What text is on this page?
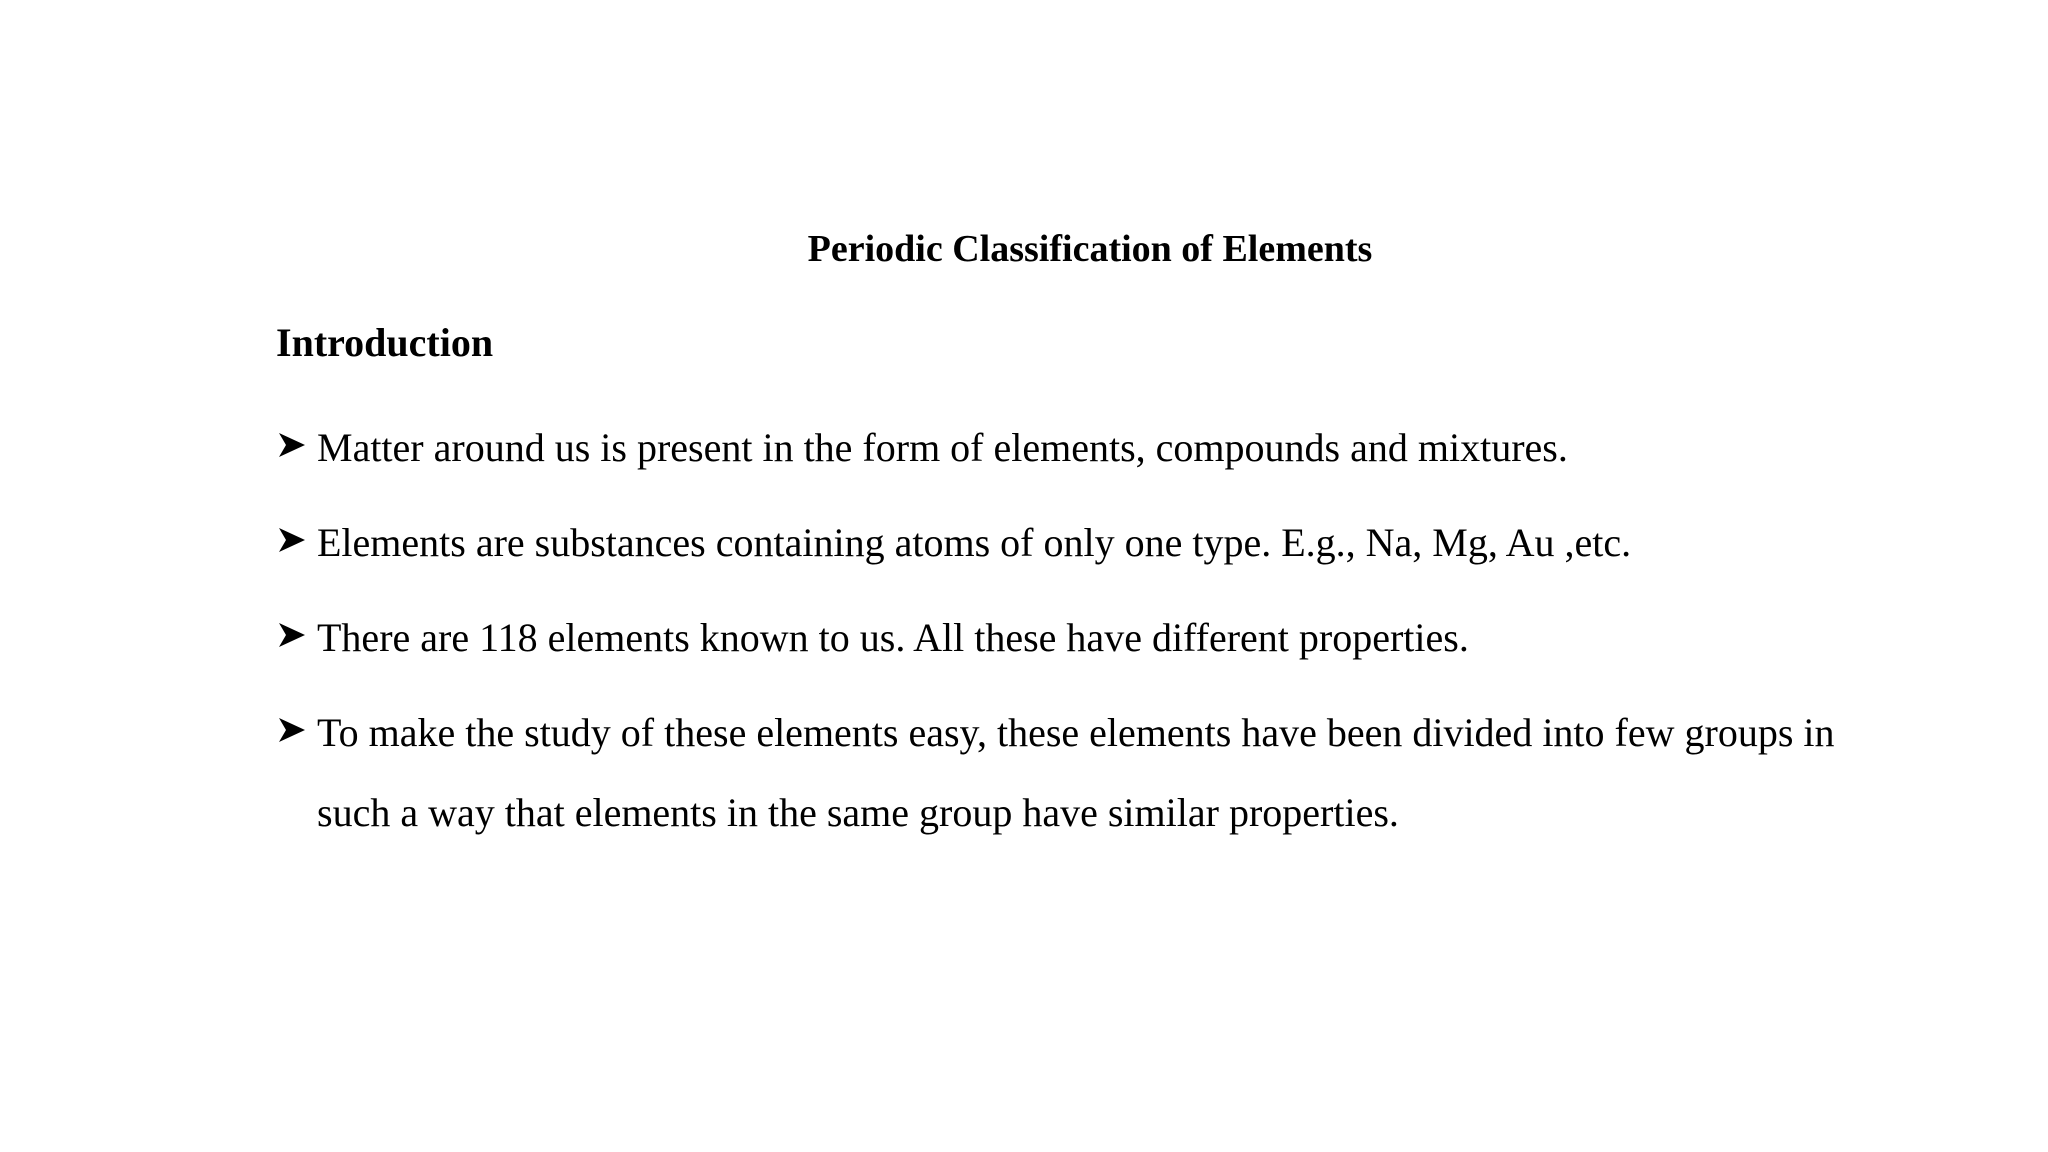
Periodic Classification of Elements
Introduction
Matter around us is present in the form of elements, compounds and mixtures.
Elements are substances containing atoms of only one type. E.g., Na, Mg, Au ,etc.
There are 118 elements known to us. All these have different properties.
To make the study of these elements easy, these elements have been divided into few groups in such a way that elements in the same group have similar properties.
